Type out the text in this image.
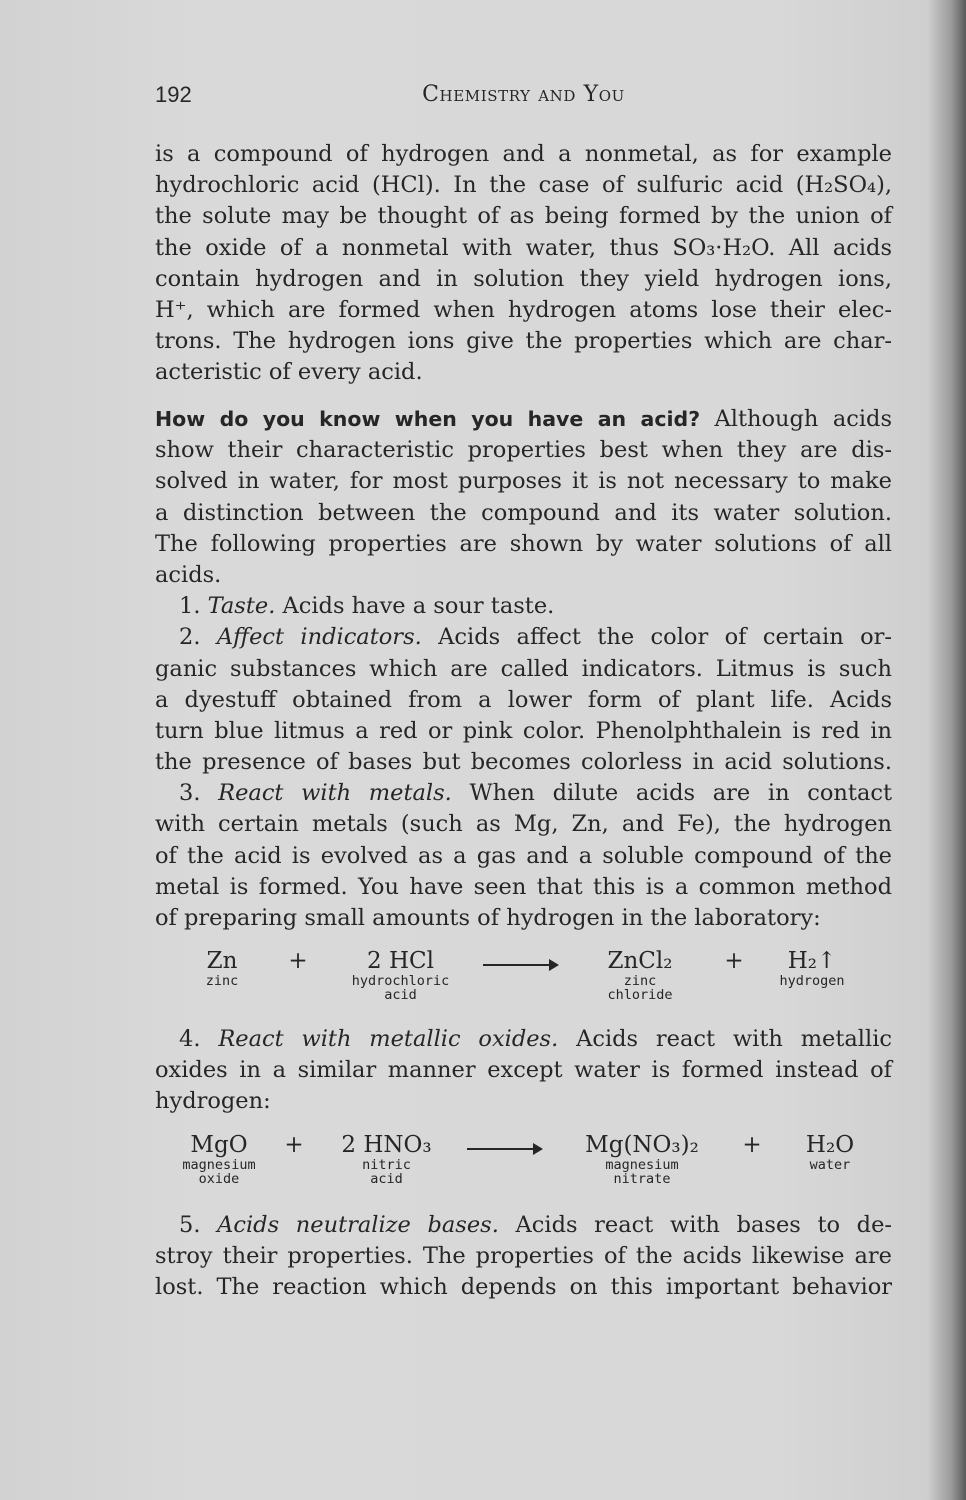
192	Chemistry and You
is a compound of hydrogen and a nonmetal, as for example
hydrochloric acid (HCl). In the case of sulfuric acid (H₂SO₄),
the solute may be thought of as being formed by the union of
the oxide of a nonmetal with water, thus SO₃·H₂O. All acids
contain hydrogen and in solution they yield hydrogen ions,
H⁺, which are formed when hydrogen atoms lose their elec-
trons. The hydrogen ions give the properties which are char-
acteristic of every acid.
How do you know when you have an acid? Although acids
show their characteristic properties best when they are dis-
solved in water, for most purposes it is not necessary to make
a distinction between the compound and its water solution.
The following properties are shown by water solutions of all
acids.
1. Taste. Acids have a sour taste.
2. Affect indicators. Acids affect the color of certain or-
ganic substances which are called indicators. Litmus is such
a dyestuff obtained from a lower form of plant life. Acids
turn blue litmus a red or pink color. Phenolphthalein is red in
the presence of bases but becomes colorless in acid solutions.
3. React with metals. When dilute acids are in contact
with certain metals (such as Mg, Zn, and Fe), the hydrogen
of the acid is evolved as a gas and a soluble compound of the
metal is formed. You have seen that this is a common method
of preparing small amounts of hydrogen in the laboratory:
Zn
zinc
+	2 HCl
hydrochloric
acid
ZnCl₂
zinc
chloride
+	H₂↑
hydrogen
4. React with metallic oxides. Acids react with metallic
oxides in a similar manner except water is formed instead of
hydrogen:
MgO
magnesium
oxide
+	2 HNO₃
nitric
acid
Mg(NO₃)₂
magnesium
nitrate
+	H₂O
water
5. Acids neutralize bases. Acids react with bases to de-
stroy their properties. The properties of the acids likewise are
lost. The reaction which depends on this important behavior
